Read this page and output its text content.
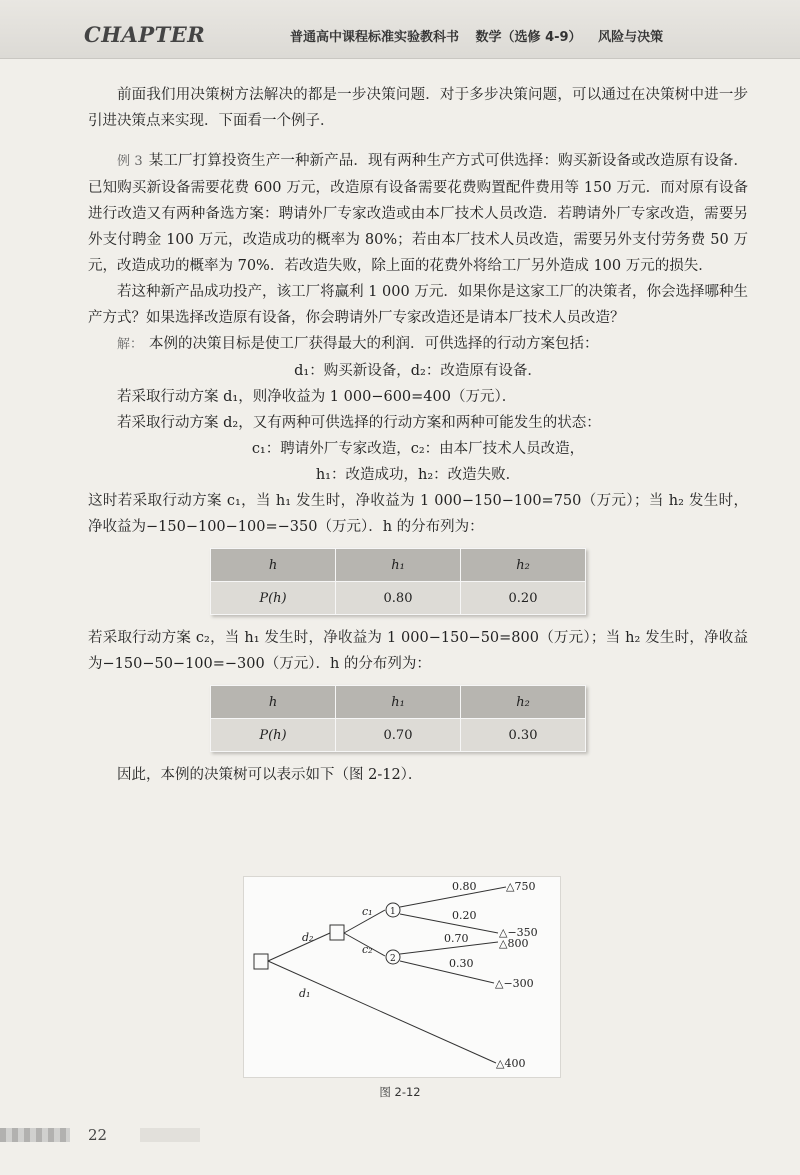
CHAPTER	普通高中课程标准实验教科书 数学（选修 4-9） 风险与决策

前面我们用决策树方法解决的都是一步决策问题．对于多步决策问题，可以通过在决策树中进一步引进决策点来实现．下面看一个例子．

例 3 某工厂打算投资生产一种新产品．现有两种生产方式可供选择：购买新设备或改造原有设备．已知购买新设备需要花费 600 万元，改造原有设备需要花费购置配件费用等 150 万元．而对原有设备进行改造又有两种备选方案：聘请外厂专家改造或由本厂技术人员改造．若聘请外厂专家改造，需要另外支付聘金 100 万元，改造成功的概率为 80%；若由本厂技术人员改造，需要另外支付劳务费 50 万元，改造成功的概率为 70%．若改造失败，除上面的花费外将给工厂另外造成 100 万元的损失．

若这种新产品成功投产，该工厂将赢利 1 000 万元．如果你是这家工厂的决策者，你会选择哪种生产方式？如果选择改造原有设备，你会聘请外厂专家改造还是请本厂技术人员改造？

解： 本例的决策目标是使工厂获得最大的利润．可供选择的行动方案包括：

d₁：购买新设备，d₂：改造原有设备．

若采取行动方案 d₁，则净收益为 1 000−600=400（万元）．

若采取行动方案 d₂，又有两种可供选择的行动方案和两种可能发生的状态：

c₁：聘请外厂专家改造，c₂：由本厂技术人员改造，

h₁：改造成功，h₂：改造失败．

这时若采取行动方案 c₁，当 h₁ 发生时，净收益为 1 000−150−100=750（万元）；当 h₂ 发生时，净收益为−150−100−100=−350（万元）．h 的分布列为：

h	h₁	h₂
P(h)	0.80	0.20

若采取行动方案 c₂，当 h₁ 发生时，净收益为 1 000−150−50=800（万元）；当 h₂ 发生时，净收益为−150−50−100=−300（万元）．h 的分布列为：

h	h₁	h₂
P(h)	0.70	0.30

因此，本例的决策树可以表示如下（图 2-12）．

1
2
d₂
d₁
c₁
c₂
0.80
0.20
0.70
0.30
△750
△−350
△800
△−300
△400
图 2-12
22
